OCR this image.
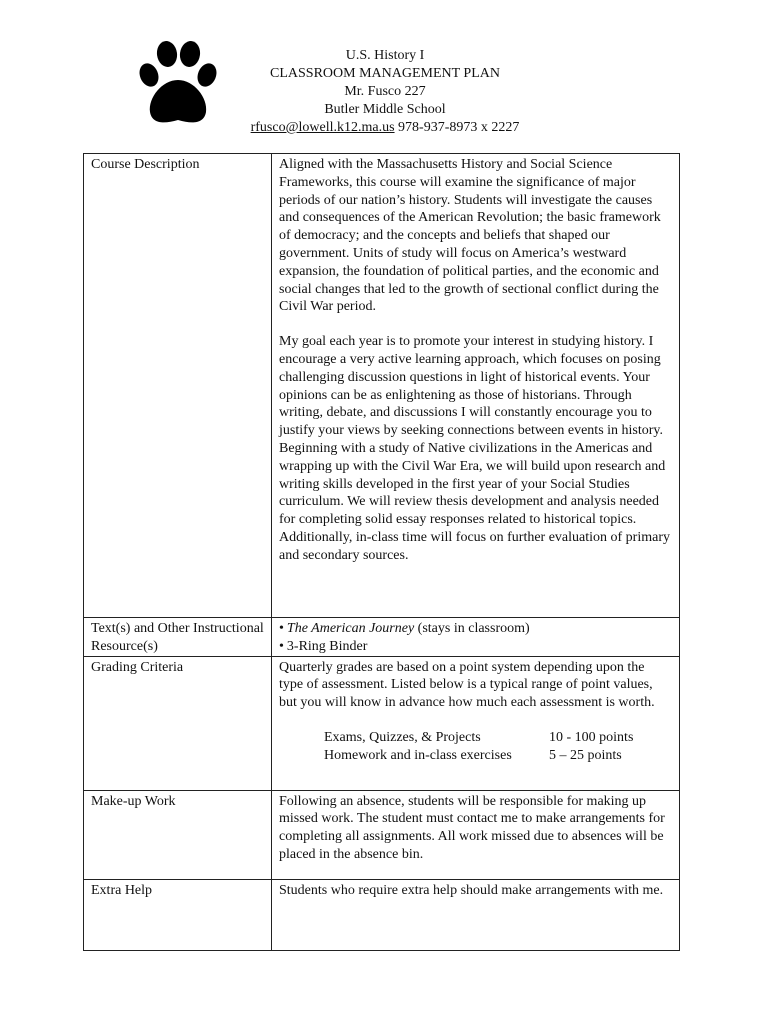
U.S. History I
CLASSROOM MANAGEMENT PLAN
Mr. Fusco 227
Butler Middle School
rfusco@lowell.k12.ma.us 978-937-8973 x 2227
Course Description	Aligned with the Massachusetts History and Social Science Frameworks, this course will examine the significance of major periods of our nation’s history. Students will investigate the causes and consequences of the American Revolution; the basic framework of democracy; and the concepts and beliefs that shaped our government. Units of study will focus on America’s westward expansion, the foundation of political parties, and the economic and social changes that led to the growth of sectional conflict during the Civil War period.

My goal each year is to promote your interest in studying history. I encourage a very active learning approach, which focuses on posing challenging discussion questions in light of historical events. Your opinions can be as enlightening as those of historians. Through writing, debate, and discussions I will constantly encourage you to justify your views by seeking connections between events in history. Beginning with a study of Native civilizations in the Americas and wrapping up with the Civil War Era, we will build upon research and writing skills developed in the first year of your Social Studies curriculum. We will review thesis development and analysis needed for completing solid essay responses related to historical topics. Additionally, in-class time will focus on further evaluation of primary and secondary sources.

Text(s) and Other Instructional Resource(s)	• The American Journey (stays in classroom)
• 3-Ring Binder

Grading Criteria	Quarterly grades are based on a point system depending upon the type of assessment. Listed below is a typical range of point values, but you will know in advance how much each assessment is worth.

Exams, Quizzes, & Projects 10 - 100 points
Homework and in-class exercises 5 – 25 points

Make-up Work	Following an absence, students will be responsible for making up missed work. The student must contact me to make arrangements for completing all assignments. All work missed due to absences will be placed in the absence bin.
Extra Help	Students who require extra help should make arrangements with me.
